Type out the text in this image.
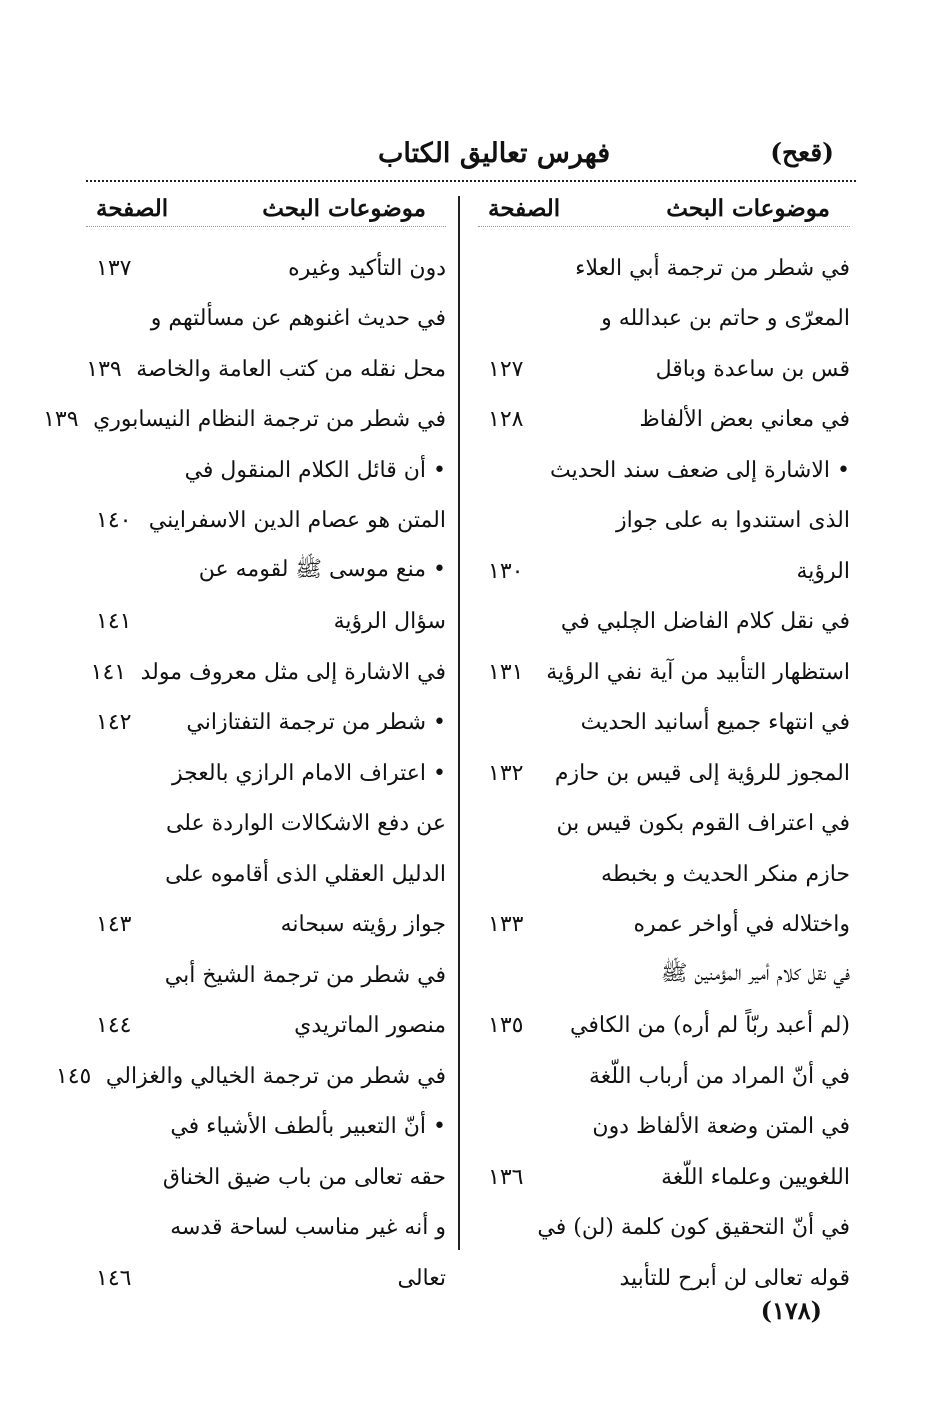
(قعح)
فهرس تعاليق الكتاب
موضوعات البحث
الصفحة
في شطر من ترجمة أبي العلاء
المعرّى و حاتم بن عبدالله و
قس بن ساعدة وباقل
١٢٧
في معاني بعض الألفاظ
١٢٨
• الاشارة إلى ضعف سند الحديث
الذى استندوا به على جواز
الرؤية
١٣٠
في نقل كلام الفاضل الچلبي في
استظهار التأبيد من آية نفي الرؤية
١٣١
في انتهاء جميع أسانيد الحديث
المجوز للرؤية إلى قيس بن حازم
١٣٢
في اعتراف القوم بكون قيس بن
حازم منكر الحديث و بخبطه
واختلاله في أواخر عمره
١٣٣
في نقل كلام أمير المؤمنين ﷺ
(لم أعبد ربّاً لم أره) من الكافي
١٣٥
في أنّ المراد من أرباب اللّغة
في المتن وضعة الألفاظ دون
اللغويين وعلماء اللّغة
١٣٦
في أنّ التحقيق كون كلمة (لن) في
قوله تعالى لن أبرح للتأبيد
موضوعات البحث
الصفحة
دون التأكيد وغيره
١٣٧
في حديث اغنوهم عن مسألتهم و
محل نقله من كتب العامة والخاصة
١٣٩
في شطر من ترجمة النظام النيسابوري
١٣٩
• أن قائل الكلام المنقول في
المتن هو عصام الدين الاسفرايني
١٤٠
• منع موسى ﷺ لقومه عن
سؤال الرؤية
١٤١
في الاشارة إلى مثل معروف مولد
١٤١
• شطر من ترجمة التفتازاني
١٤٢
• اعتراف الامام الرازي بالعجز
عن دفع الاشكالات الواردة على
الدليل العقلي الذى أقاموه على
جواز رؤيته سبحانه
١٤٣
في شطر من ترجمة الشيخ أبي
منصور الماتريدي
١٤٤
في شطر من ترجمة الخيالي والغزالي
١٤٥
• أنّ التعبير بألطف الأشياء في
حقه تعالى من باب ضيق الخناق
و أنه غير مناسب لساحة قدسه
تعالى
١٤٦
(١٧٨)
